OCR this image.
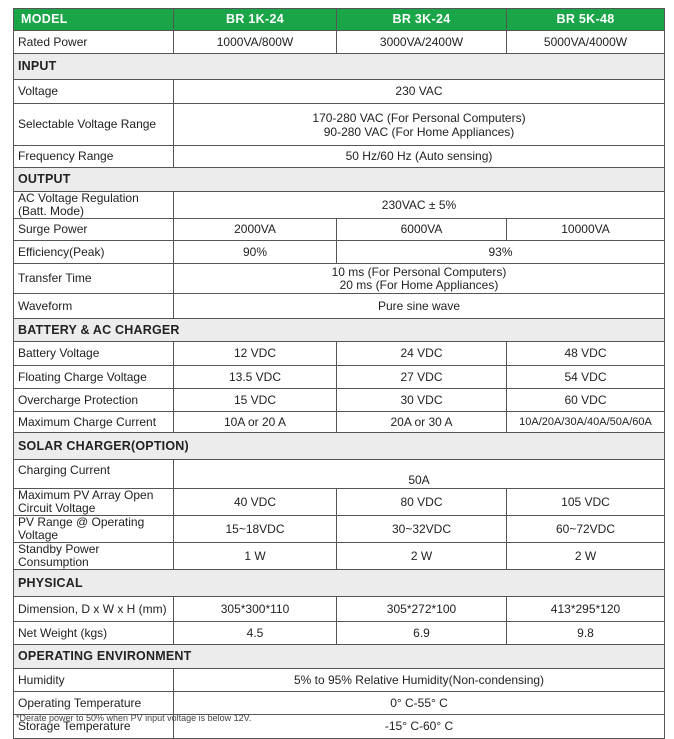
MODEL	BR 1K-24	BR 3K-24	BR 5K-48
Rated Power	1000VA/800W	3000VA/2400W	5000VA/4000W
INPUT			
Voltage	230 VAC		
Selectable Voltage Range	170-280 VAC (For Personal Computers)
90-280 VAC (For Home Appliances)		

Frequency Range	50 Hz/60 Hz (Auto sensing)		
OUTPUT			

AC Voltage Regulation
(Batt. Mode)	230VAC ± 5%		
Surge Power	2000VA	6000VA	10000VA
Efficiency(Peak)	90%	93%	
Transfer Time	10 ms (For Personal Computers)
20 ms (For Home Appliances)		

Waveform	Pure sine wave		
BATTERY & AC CHARGER			
Battery Voltage	12 VDC	24 VDC	48 VDC
Floating Charge Voltage	13.5 VDC	27 VDC	54 VDC
Overcharge Protection	15 VDC	30 VDC	60 VDC
Maximum Charge Current	10A or 20 A	20A or 30 A	10A/20A/30A/40A/50A/60A
SOLAR CHARGER(OPTION)			
Charging Current	50A		

Maximum PV Array Open
Circuit Voltage	40 VDC	80 VDC	105 VDC

PV Range @ Operating
Voltage	15~18VDC	30~32VDC	60~72VDC
Standby Power Consumption	1 W	2 W	2 W
PHYSICAL			
Dimension, D x W x H (mm)	305*300*110	305*272*100	413*295*120
Net Weight (kgs)	4.5	6.9	9.8
OPERATING ENVIRONMENT			
Humidity	5% to 95% Relative Humidity(Non-condensing)		
Operating Temperature	0° C-55° C		
Storage Temperature	-15° C-60° C		
*Derate power to 50% when PV input voltage is below 12V.
